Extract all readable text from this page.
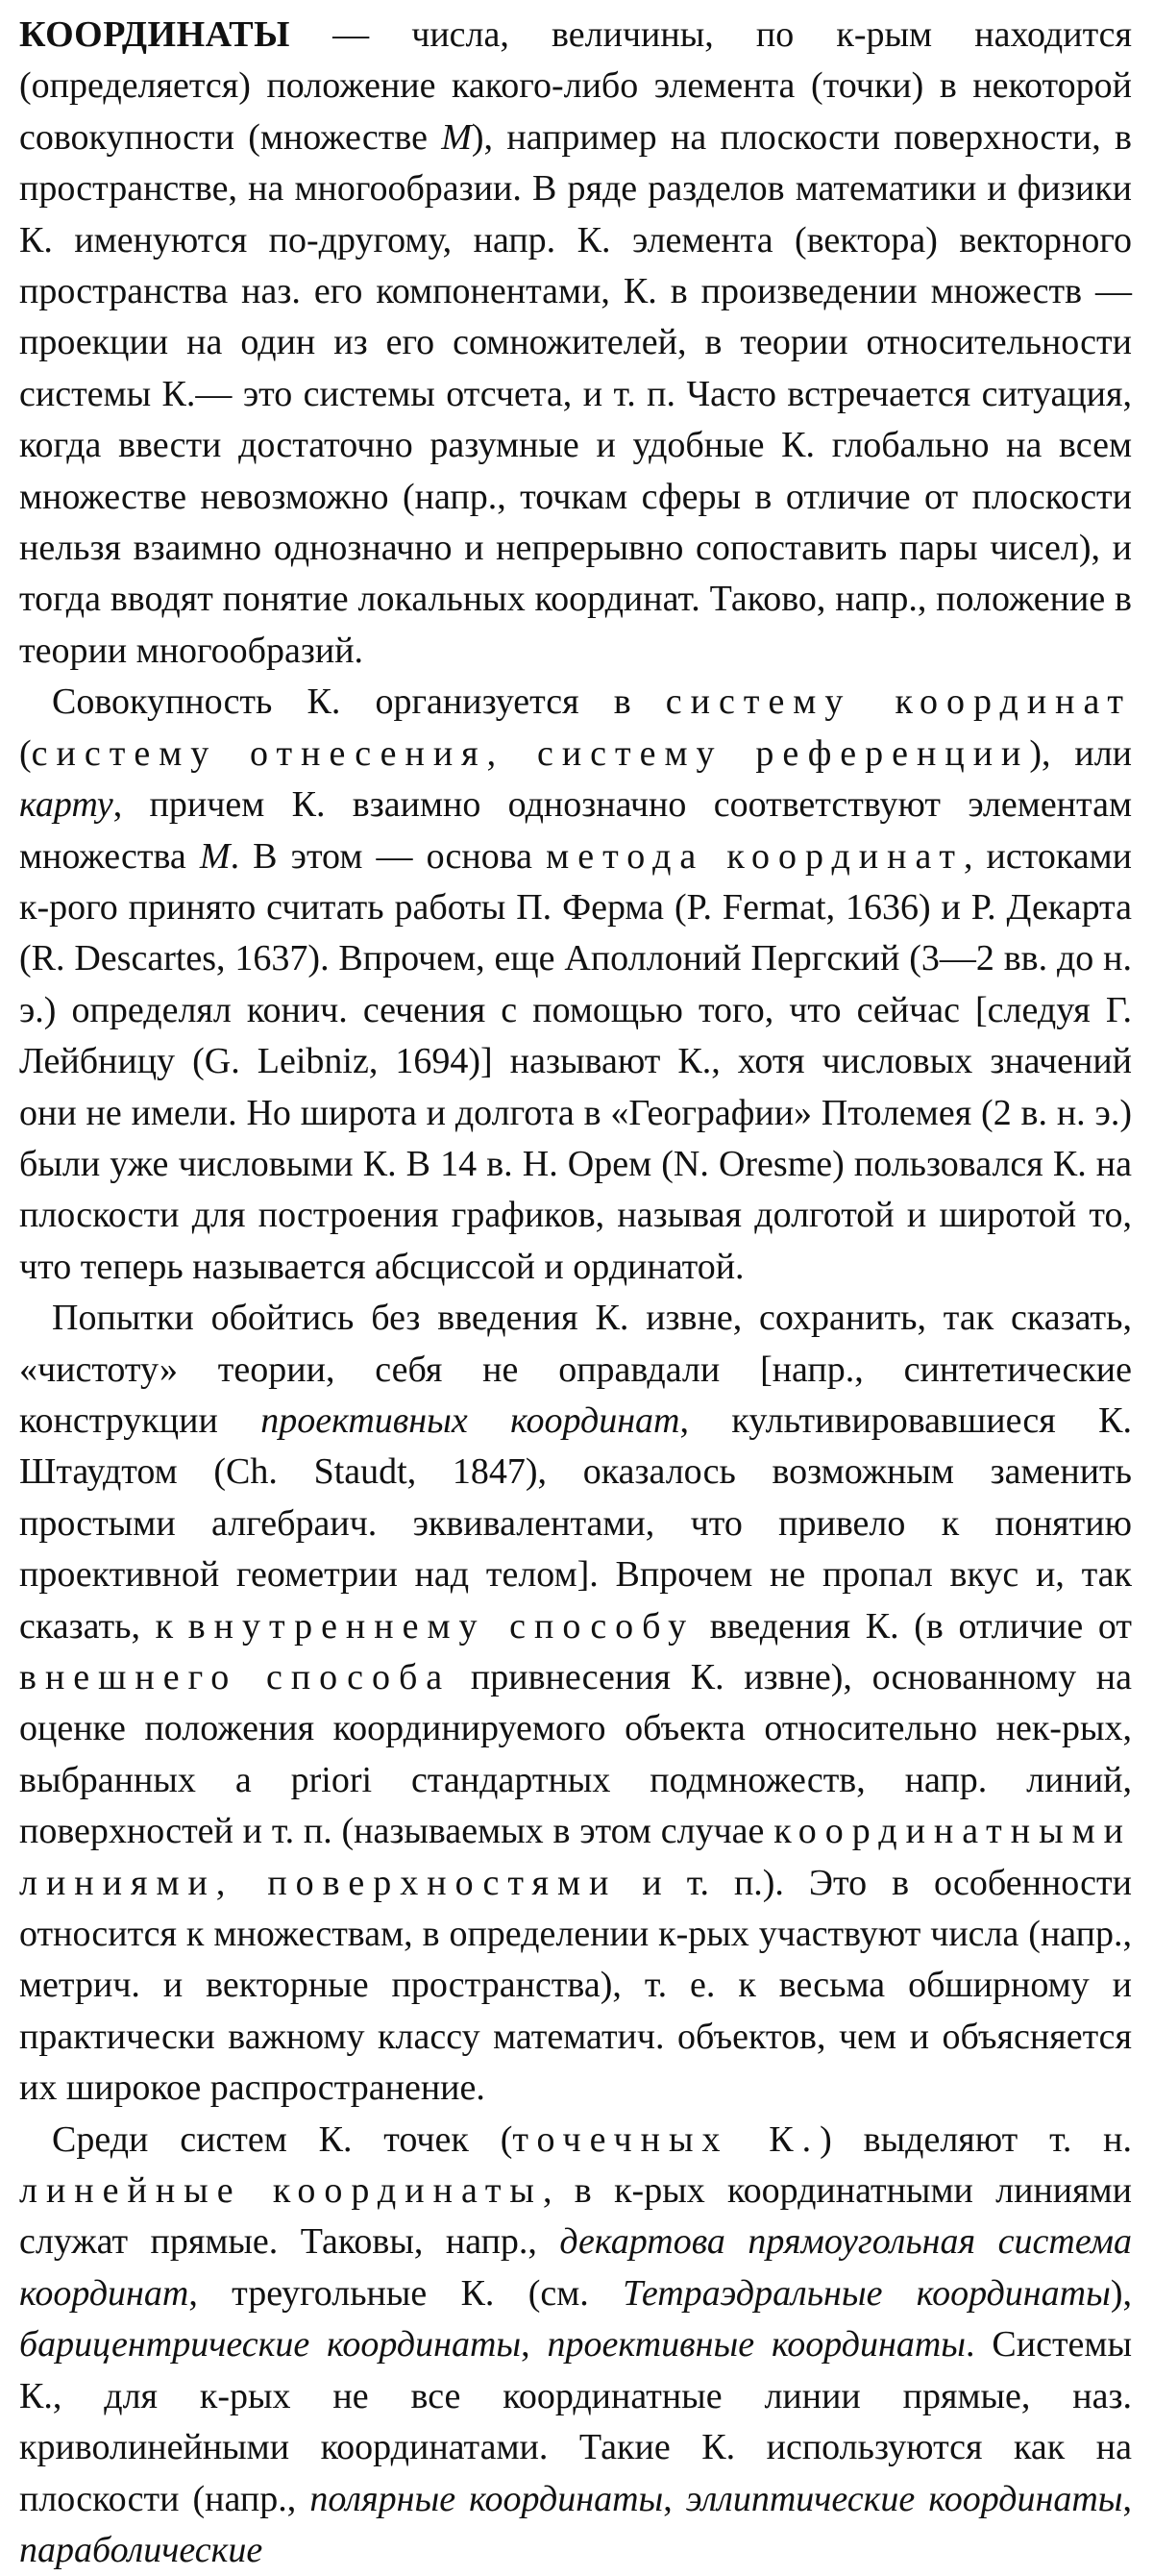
КООРДИНАТЫ — числа, величины, по к-рым находится (определяется) положение какого-либо элемента (точки) в некоторой совокупности (множестве М), например на плоскости поверхности, в пространстве, на многообразии. В ряде разделов математики и физики К. именуются по-другому, напр. К. элемента (вектора) векторного пространства наз. его компонентами, К. в произведении множеств — проекции на один из его сомножителей, в теории относительности системы К.— это системы отсчета, и т. п. Часто встречается ситуация, когда ввести достаточно разумные и удобные К. глобально на всем множестве невозможно (напр., точкам сферы в отличие от плоскости нельзя взаимно однозначно и непрерывно сопоставить пары чисел), и тогда вводят понятие локальных координат. Таково, напр., положение в теории многообразий.

Совокупность К. организуется в систему координат (систему отнесения, систему референции), или карту, причем К. взаимно однозначно соответствуют элементам множества М. В этом — основа метода координат, истоками к-рого принято считать работы П. Ферма (P. Fermat, 1636) и Р. Декарта (R. Descartes, 1637). Впрочем, еще Аполлоний Пергский (3—2 вв. до н. э.) определял конич. сечения с помощью того, что сейчас [следуя Г. Лейбницу (G. Leibniz, 1694)] называют К., хотя числовых значений они не имели. Но широта и долгота в «Географии» Птолемея (2 в. н. э.) были уже числовыми К. В 14 в. Н. Орем (N. Oresme) пользовался К. на плоскости для построения графиков, называя долготой и широтой то, что теперь называется абсциссой и ординатой.

Попытки обойтись без введения К. извне, сохранить, так сказать, «чистоту» теории, себя не оправдали [напр., синтетические конструкции проективных координат, культивировавшиеся К. Штаудтом (Ch. Staudt, 1847), оказалось возможным заменить простыми алгебраич. эквивалентами, что привело к понятию проективной геометрии над телом]. Впрочем не пропал вкус и, так сказать, к внутреннему способу введения К. (в отличие от внешнего способа привнесения К. извне), основанному на оценке положения координируемого объекта относительно нек-рых, выбранных a priori стандартных подмножеств, напр. линий, поверхностей и т. п. (называемых в этом случае координатными линиями, поверхностями и т. п.). Это в особенности относится к множествам, в определении к-рых участвуют числа (напр., метрич. и векторные пространства), т. е. к весьма обширному и практически важному классу математич. объектов, чем и объясняется их широкое распространение.

Среди систем К. точек (точечных К.) выделяют т. н. линейные координаты, в к-рых координатными линиями служат прямые. Таковы, напр., декартова прямоугольная система координат, треугольные К. (см. Тетраэдральные координаты), барицентрические координаты, проективные координаты. Системы К., для к-рых не все координатные линии прямые, наз. криволинейными координатами. Такие К. используются как на плоскости (напр., полярные координаты, эллиптические координаты, параболические
